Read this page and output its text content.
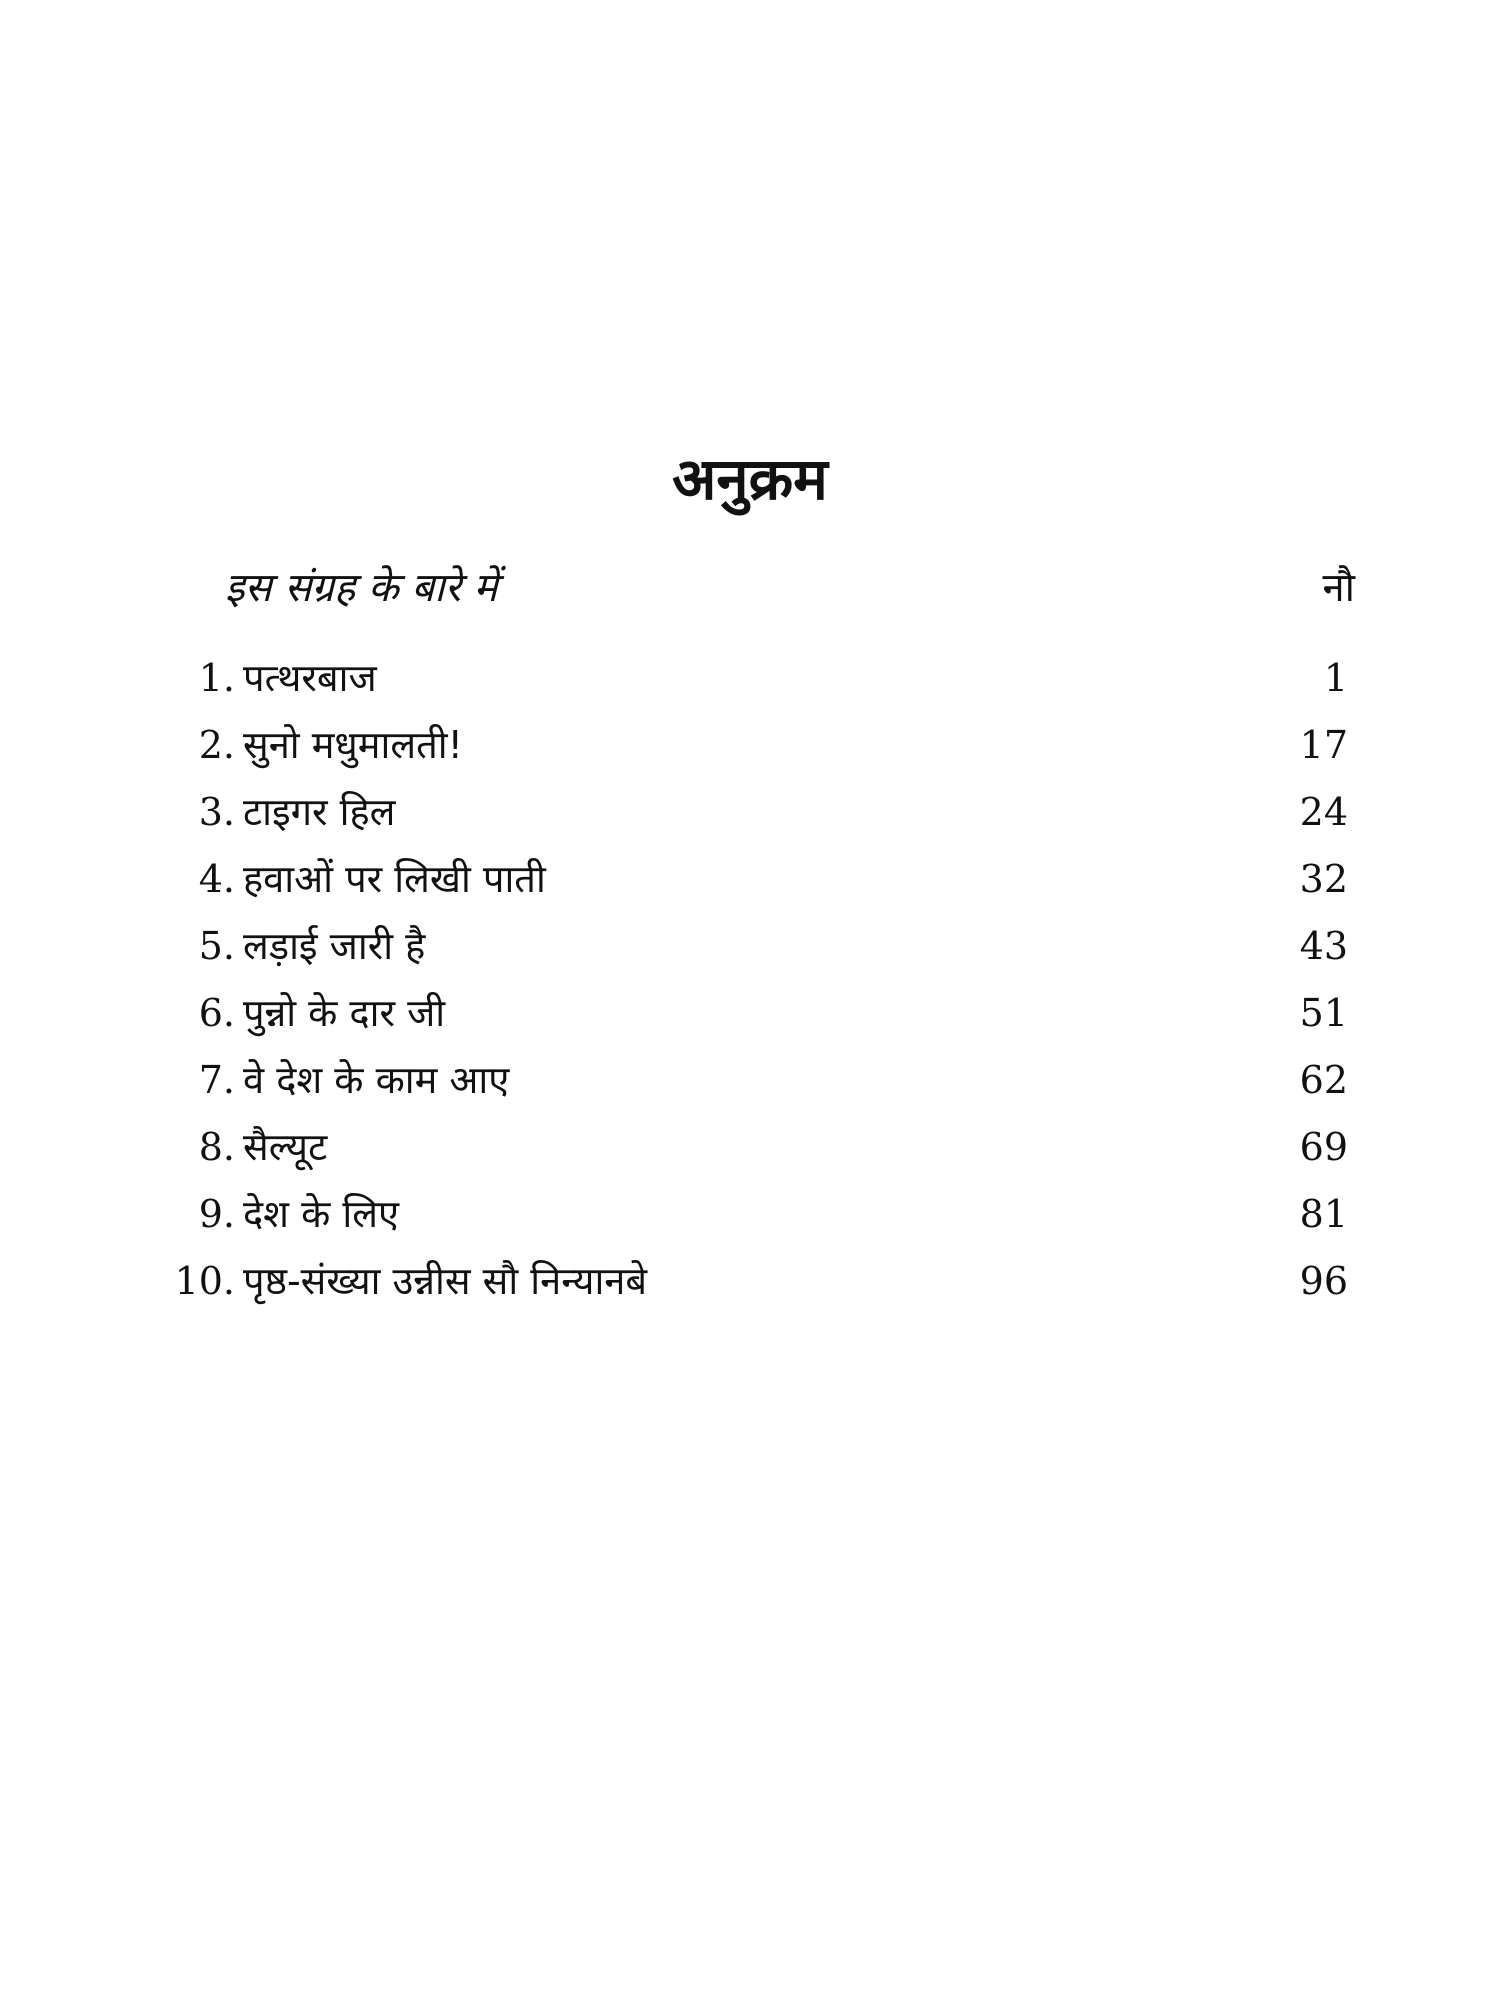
अनुक्रम
इस संग्रह के बारे में	नौ
1. पत्थरबाज	1
2. सुनो मधुमालती!	17
3. टाइगर हिल	24
4. हवाओं पर लिखी पाती	32
5. लड़ाई जारी है	43
6. पुन्नो के दार जी	51
7. वे देश के काम आए	62
8. सैल्यूट	69
9. देश के लिए	81
10. पृष्ठ-संख्या उन्नीस सौ निन्यानबे	96
